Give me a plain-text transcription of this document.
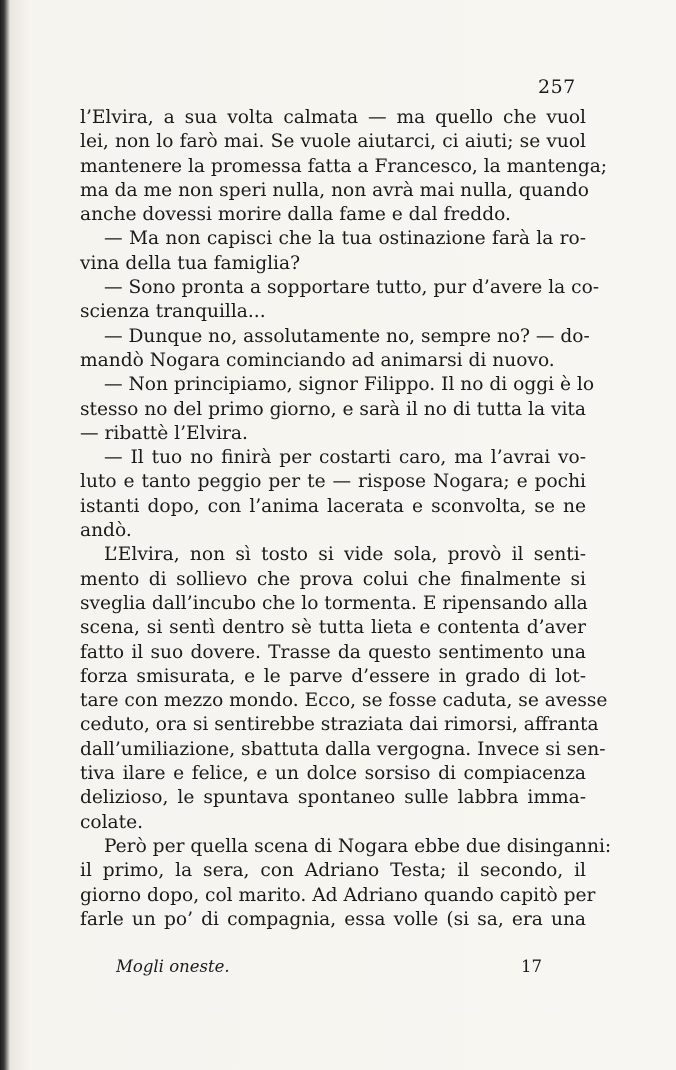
257
l’Elvira, a sua volta calmata — ma quello che vuol
lei, non lo farò mai. Se vuole aiutarci, ci aiuti; se vuol
mantenere la promessa fatta a Francesco, la mantenga;
ma da me non speri nulla, non avrà mai nulla, quando
anche dovessi morire dalla fame e dal freddo.
— Ma non capisci che la tua ostinazione farà la ro-
vina della tua famiglia?
— Sono pronta a sopportare tutto, pur d’avere la co-
scienza tranquilla...
— Dunque no, assolutamente no, sempre no? — do-
mandò Nogara cominciando ad animarsi di nuovo.
— Non principiamo, signor Filippo. Il no di oggi è lo
stesso no del primo giorno, e sarà il no di tutta la vita
— ribattè l’Elvira.
— Il tuo no finirà per costarti caro, ma l’avrai vo-
luto e tanto peggio per te — rispose Nogara; e pochi
istanti dopo, con l’anima lacerata e sconvolta, se ne
andò.
L’Elvira, non sì tosto si vide sola, provò il senti-
mento di sollievo che prova colui che finalmente si
sveglia dall’incubo che lo tormenta. E ripensando alla
scena, si sentì dentro sè tutta lieta e contenta d’aver
fatto il suo dovere. Trasse da questo sentimento una
forza smisurata, e le parve d’essere in grado di lot-
tare con mezzo mondo. Ecco, se fosse caduta, se avesse
ceduto, ora si sentirebbe straziata dai rimorsi, affranta
dall’umiliazione, sbattuta dalla vergogna. Invece si sen-
tiva ilare e felice, e un dolce sorsiso di compiacenza
delizioso, le spuntava spontaneo sulle labbra imma-
colate.
Però per quella scena di Nogara ebbe due disinganni:
il primo, la sera, con Adriano Testa; il secondo, il
giorno dopo, col marito. Ad Adriano quando capitò per
farle un po’ di compagnia, essa volle (si sa, era una
Mogli oneste.	17
